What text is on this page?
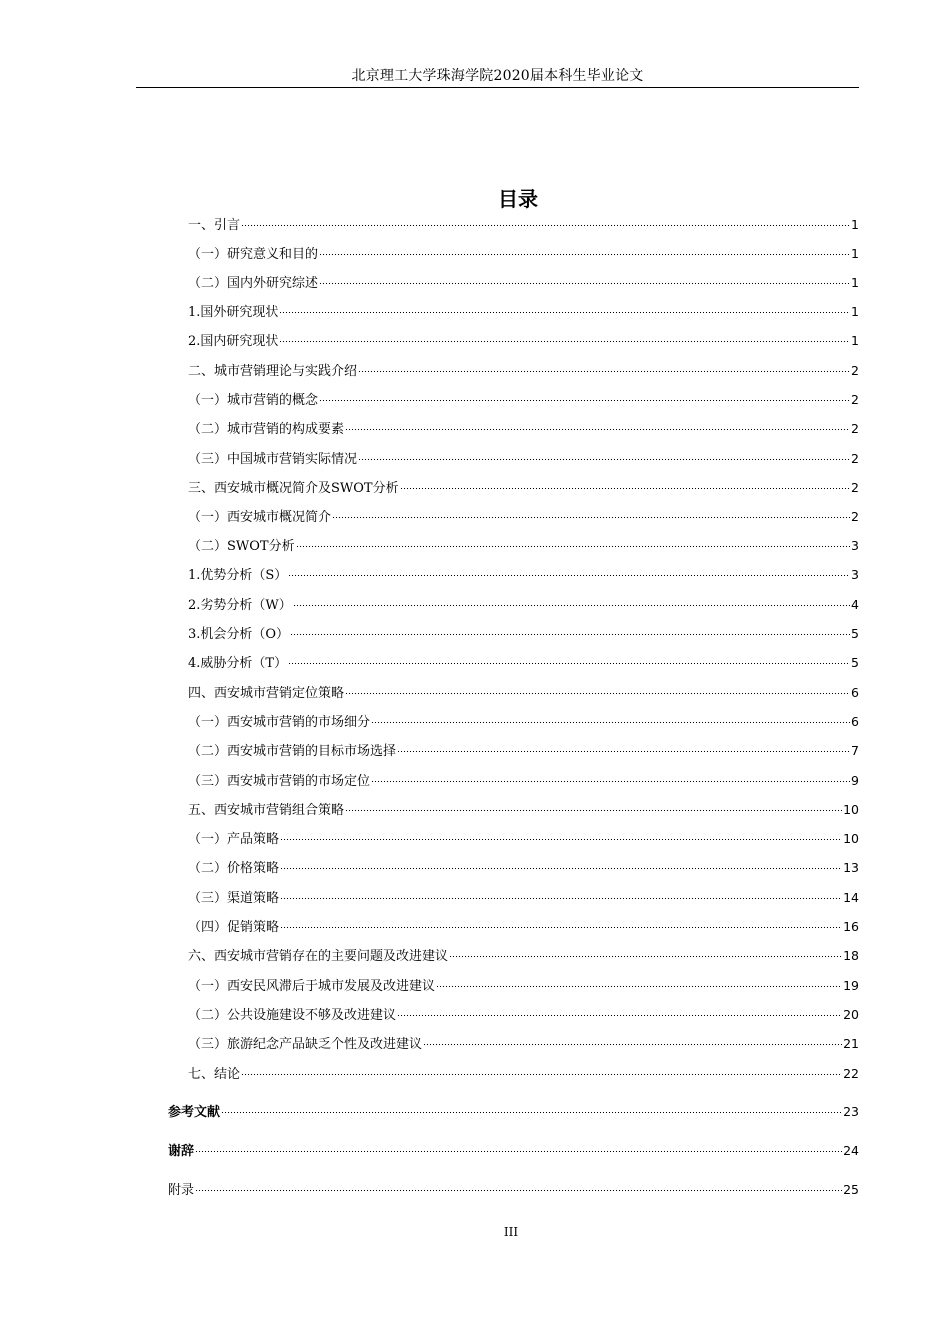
北京理工大学珠海学院2020届本科生毕业论文
目录
一、引言	1
（一）研究意义和目的	1
（二）国内外研究综述	1
1.国外研究现状	1
2.国内研究现状	1
二、城市营销理论与实践介绍	2
（一）城市营销的概念	2
（二）城市营销的构成要素	2
（三）中国城市营销实际情况	2
三、西安城市概况简介及SWOT分析	2
（一）西安城市概况简介	2
（二）SWOT分析	3
1.优势分析（S）	3
2.劣势分析（W）	4
3.机会分析（O）	5
4.威胁分析（T）	5
四、西安城市营销定位策略	6
（一）西安城市营销的市场细分	6
（二）西安城市营销的目标市场选择	7
（三）西安城市营销的市场定位	9
五、西安城市营销组合策略	10
（一）产品策略	10
（二）价格策略	13
（三）渠道策略	14
（四）促销策略	16
六、西安城市营销存在的主要问题及改进建议	18
（一）西安民风滞后于城市发展及改进建议	19
（二）公共设施建设不够及改进建议	20
（三）旅游纪念产品缺乏个性及改进建议	21
七、结论	22
参考文献	23
谢辞	24
附录	25
III
